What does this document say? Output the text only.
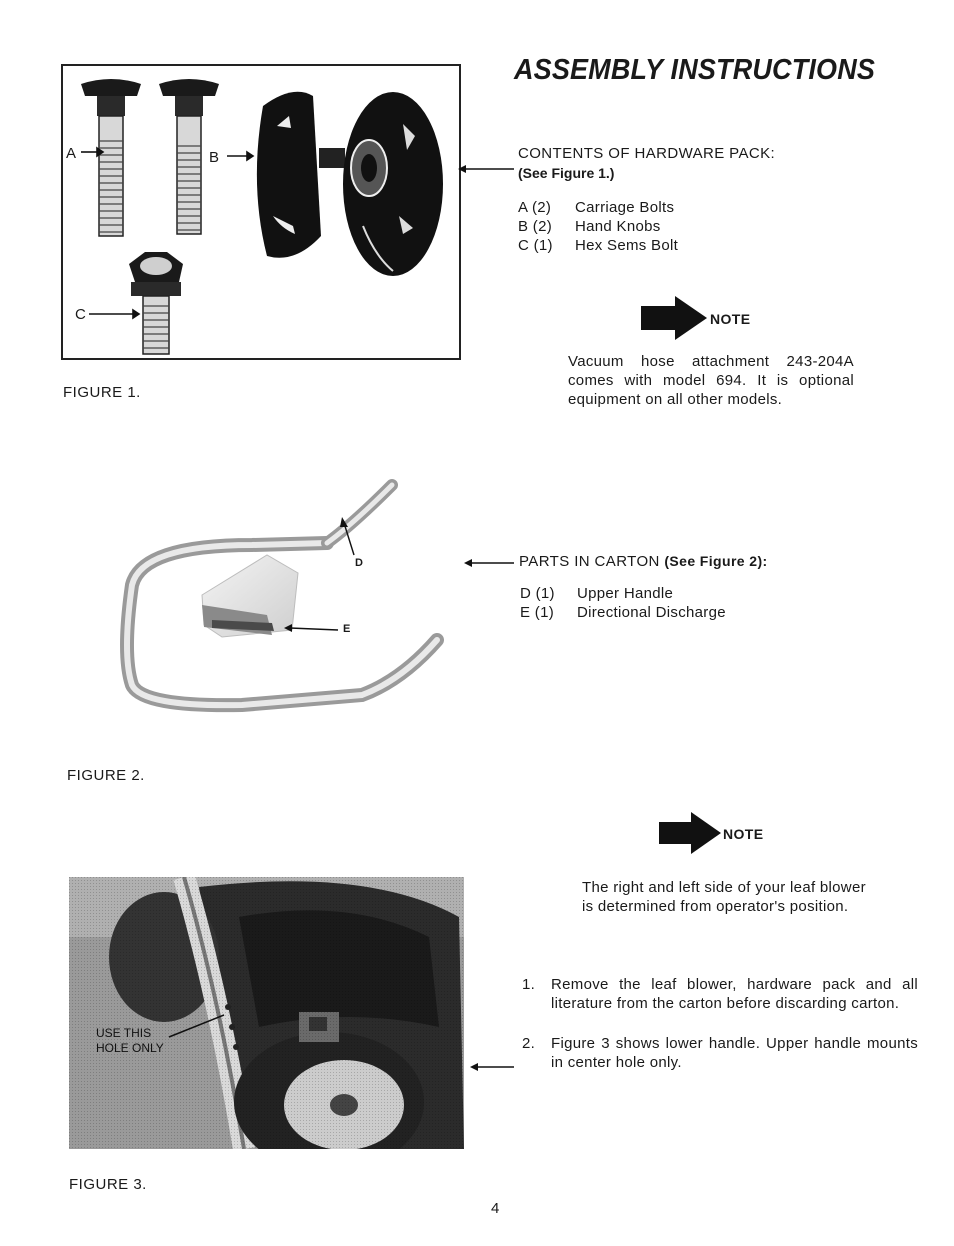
ASSEMBLY INSTRUCTIONS
A	B
C
FIGURE 1.
CONTENTS OF HARDWARE PACK:
(See Figure 1.)
A (2)	Carriage Bolts
B (2)	Hand Knobs
C (1)	Hex Sems Bolt
NOTE
Vacuum hose attachment 243-204A comes with model 694. It is optional equipment on all other models.
D
E
FIGURE 2.
PARTS IN CARTON (See Figure 2):
D (1)	Upper Handle
E (1)	Directional Discharge
NOTE
The right and left side of your leaf blower is determined from operator's position.
1.	Remove the leaf blower, hardware pack and all literature from the carton before discarding carton.
2.	Figure 3 shows lower handle. Upper handle mounts in center hole only.
USE THIS
HOLE ONLY
FIGURE 3.
4
